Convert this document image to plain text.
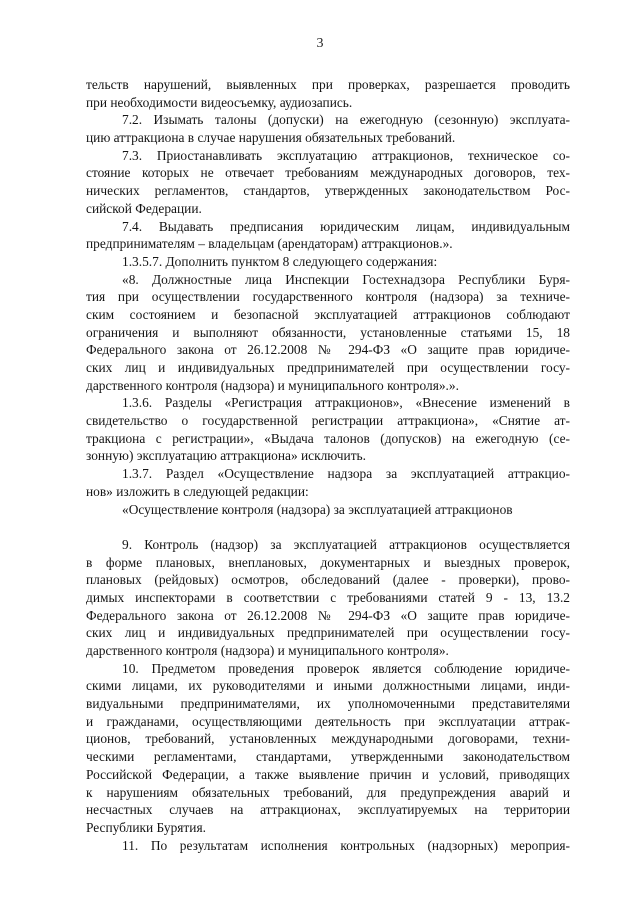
3
тельств нарушений, выявленных при проверках, разрешается проводить
при необходимости видеосъемку, аудиозапись.
7.2. Изымать талоны (допуски) на ежегодную (сезонную) эксплуата-
цию аттракциона в случае нарушения обязательных требований.
7.3. Приостанавливать эксплуатацию аттракционов, техническое со-
стояние которых не отвечает требованиям международных договоров, тех-
нических регламентов, стандартов, утвержденных законодательством Рос-
сийской Федерации.
7.4. Выдавать предписания юридическим лицам, индивидуальным
предпринимателям – владельцам (арендаторам) аттракционов.».
1.3.5.7. Дополнить пунктом 8 следующего содержания:
«8. Должностные лица Инспекции Гостехнадзора Республики Буря-
тия при осуществлении государственного контроля (надзора) за техниче-
ским состоянием и безопасной эксплуатацией аттракционов соблюдают
ограничения и выполняют обязанности, установленные статьями 15, 18
Федерального закона от 26.12.2008 № 294-ФЗ «О защите прав юридиче-
ских лиц и индивидуальных предпринимателей при осуществлении госу-
дарственного контроля (надзора) и муниципального контроля».».
1.3.6. Разделы «Регистрация аттракционов», «Внесение изменений в
свидетельство о государственной регистрации аттракциона», «Снятие ат-
тракциона с регистрации», «Выдача талонов (допусков) на ежегодную (се-
зонную) эксплуатацию аттракциона» исключить.
1.3.7. Раздел «Осуществление надзора за эксплуатацией аттракцио-
нов» изложить в следующей редакции:
«Осуществление контроля (надзора) за эксплуатацией аттракционов
9. Контроль (надзор) за эксплуатацией аттракционов осуществляется
в форме плановых, внеплановых, документарных и выездных проверок,
плановых (рейдовых) осмотров, обследований (далее - проверки), прово-
димых инспекторами в соответствии с требованиями статей 9 - 13, 13.2
Федерального закона от 26.12.2008 № 294-ФЗ «О защите прав юридиче-
ских лиц и индивидуальных предпринимателей при осуществлении госу-
дарственного контроля (надзора) и муниципального контроля».
10. Предметом проведения проверок является соблюдение юридиче-
скими лицами, их руководителями и иными должностными лицами, инди-
видуальными предпринимателями, их уполномоченными представителями
и гражданами, осуществляющими деятельность при эксплуатации аттрак-
ционов, требований, установленных международными договорами, техни-
ческими регламентами, стандартами, утвержденными законодательством
Российской Федерации, а также выявление причин и условий, приводящих
к нарушениям обязательных требований, для предупреждения аварий и
несчастных случаев на аттракционах, эксплуатируемых на территории
Республики Бурятия.
11. По результатам исполнения контрольных (надзорных) мероприя-
